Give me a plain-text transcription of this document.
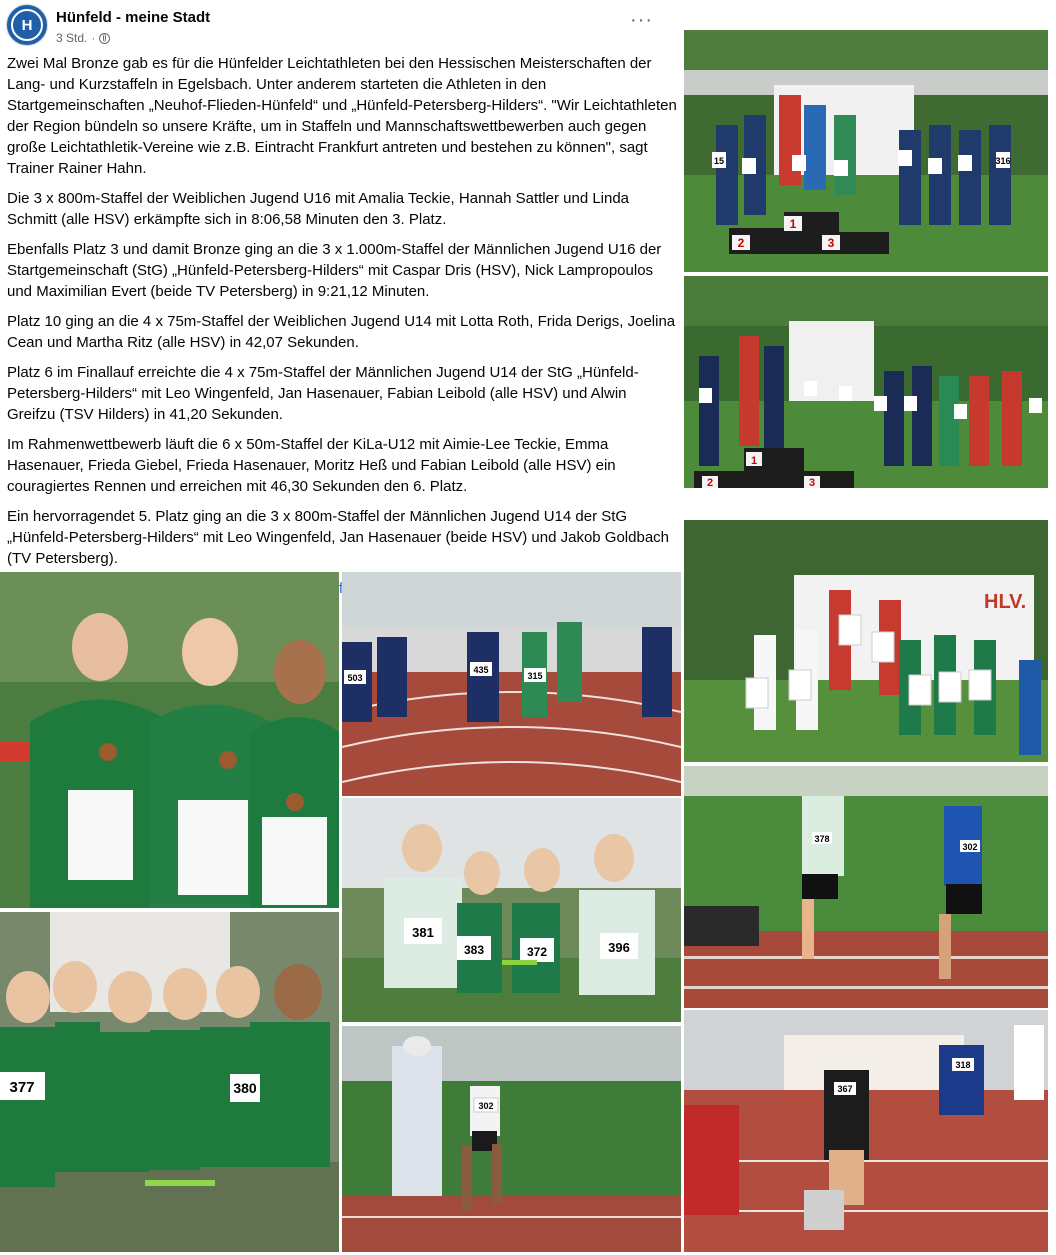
H	Hünfeld - meine Stadt
3 Std. ·
···

Zwei Mal Bronze gab es für die Hünfelder Leichtathleten bei den Hessischen Meisterschaften der Lang- und Kurzstaffeln in Egelsbach. Unter anderem starteten die Athleten in den Startgemeinschaften „Neuhof-Flieden-Hünfeld“ und „Hünfeld-Petersberg-Hilders“. "Wir Leichtathleten der Region bündeln so unsere Kräfte, um in Staffeln und Mannschaftswettbewerben auch gegen große Leichtathletik-Vereine wie z.B. Eintracht Frankfurt antreten und bestehen zu können", sagt Trainer Rainer Hahn.

Die 3 x 800m-Staffel der Weiblichen Jugend U16 mit Amalia Teckie, Hannah Sattler und Linda Schmitt (alle HSV) erkämpfte sich in 8:06,58 Minuten den 3. Platz.

Ebenfalls Platz 3 und damit Bronze ging an die 3 x 1.000m-Staffel der Männlichen Jugend U16 der Startgemeinschaft (StG) „Hünfeld-Petersberg-Hilders“ mit Caspar Dris (HSV), Nick Lampropoulos und Maximilian Evert (beide TV Petersberg) in 9:21,12 Minuten.

Platz 10 ging an die 4 x 75m-Staffel der Weiblichen Jugend U14 mit Lotta Roth, Frida Derigs, Joelina Cean und Martha Ritz (alle HSV) in 42,07 Sekunden.

Platz 6 im Finallauf erreichte die 4 x 75m-Staffel der Männlichen Jugend U14 der StG „Hünfeld-Petersberg-Hilders“ mit Leo Wingenfeld, Jan Hasenauer, Fabian Leibold (alle HSV) und Alwin Greifzu (TSV Hilders) in 41,20 Sekunden.

Im Rahmenwettbewerb läuft die 6 x 50m-Staffel der KiLa-U12 mit Aimie-Lee Teckie, Emma Hasenauer, Frieda Giebel, Frieda Hasenauer, Moritz Heß und Fabian Leibold (alle HSV) ein couragiertes Rennen und erreichen mit 46,30 Sekunden den 6. Platz.

Ein hervorragendet 5. Platz ging an die 3 x 800m-Staffel der Männlichen Jugend U14 der StG „Hünfeld-Petersberg-Hilders“ mit Leo Wingenfeld, Jan Hasenauer (beide HSV) und Jakob Goldbach (TV Petersberg).

2
1
3
15	316
2
1
3
HLV.
378
302
367
318
377	380
503
435
315
381
383	372	396
302
